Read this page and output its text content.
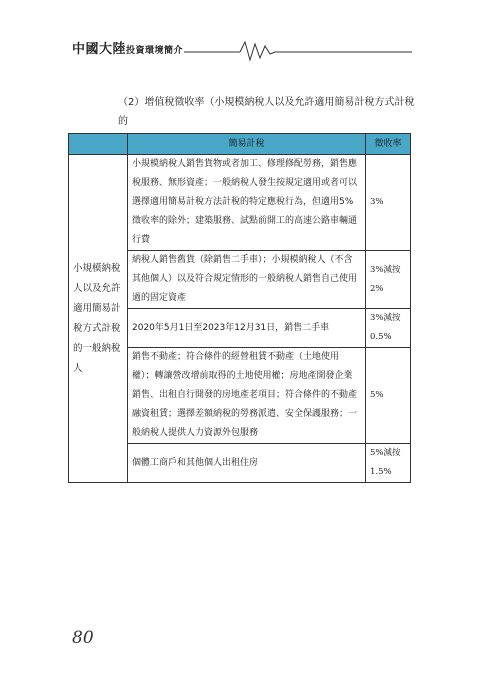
中國大陸投資環境簡介
（2）增值稅徵收率（小規模納稅人以及允許適用簡易計稅方式計稅的
	簡易計稅	徵收率
小規模納稅人以及允許適用簡易計稅方式計稅的一般納稅人	小規模納稅人銷售貨物或者加工、修理修配勞務，銷售應稅服務、無形資產；一般納稅人發生按規定適用或者可以選擇適用簡易計稅方法計稅的特定應稅行為，但適用5%徵收率的除外；建築服務、試點前開工的高速公路車輛通行費	3%
	納稅人銷售舊貨（除銷售二手車）；小規模納稅人（不含其他個人）以及符合規定情形的一般納稅人銷售自己使用過的固定資產	3%減按2%
	2020年5月1日至2023年12月31日，銷售二手車	3%減按0.5%
	銷售不動產；符合條件的經營租賃不動產（土地使用權）；轉讓營改增前取得的土地使用權；房地產開發企業銷售、出租自行開發的房地產老項目；符合條件的不動產融資租賃；選擇差額納稅的勞務派遣、安全保護服務；一般納稅人提供人力資源外包服務	5%
	個體工商戶和其他個人出租住房	5%減按1.5%
80
